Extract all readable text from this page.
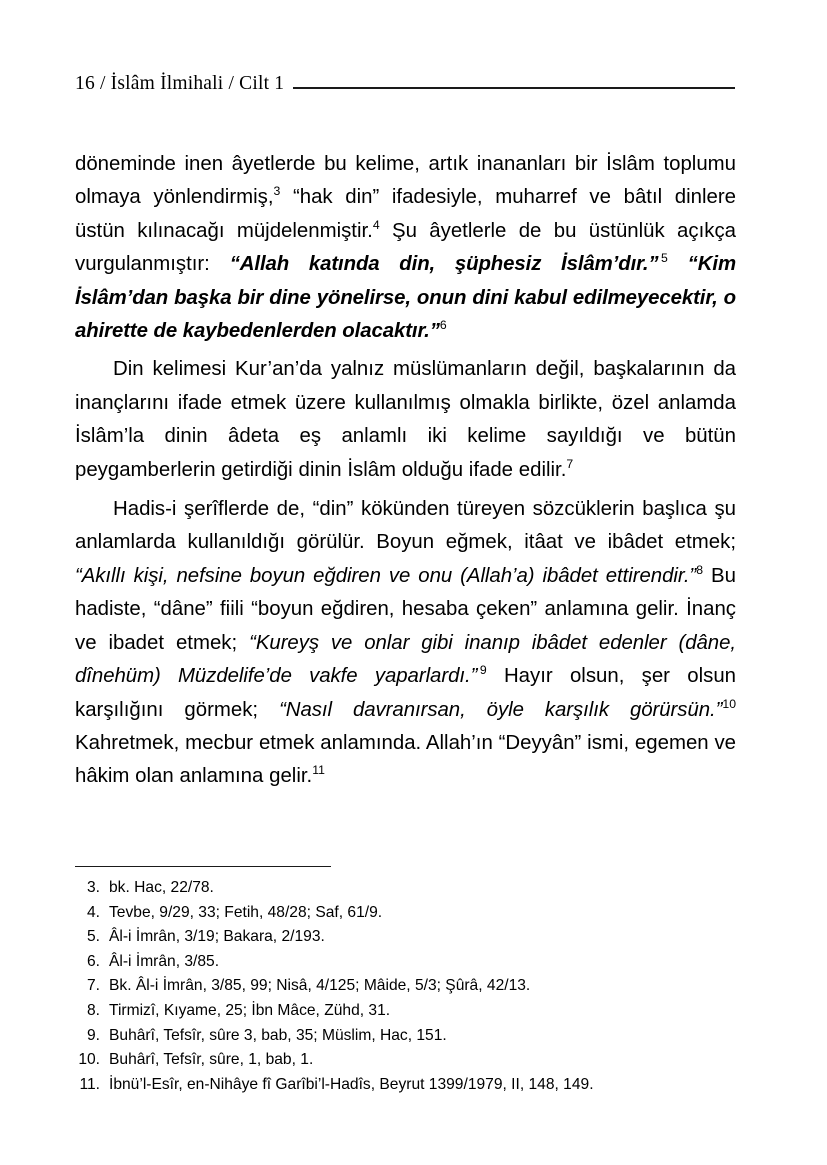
16 / İslâm İlmihali / Cilt 1

döneminde inen âyetlerde bu kelime, artık inananları bir İslâm toplumu olmaya yönlendirmiş,$^3$ “hak din” ifadesiyle, muharref ve bâtıl dinlere üstün kılınacağı müjdelenmiştir.$^4$ Şu âyetlerle de bu üstünlük açıkça vurgulanmıştır: “Allah katında din, şüphesiz İslâm’dır.” $^5$ “Kim İslâm’dan başka bir dine yönelirse, onun dini kabul edilmeyecektir, o ahirette de kaybedenlerden olacaktır.”$^6$

Din kelimesi Kur’an’da yalnız müslümanların değil, başkalarının da inançlarını ifade etmek üzere kullanılmış olmakla birlikte, özel anlamda İslâm’la dinin âdeta eş anlamlı iki kelime sayıldığı ve bütün peygamberlerin getirdiği dinin İslâm olduğu ifade edilir.$^7$

Hadis-i şerîflerde de, “din” kökünden türeyen sözcüklerin başlıca şu anlamlarda kullanıldığı görülür. Boyun eğmek, itâat ve ibâdet etmek; “Akıllı kişi, nefsine boyun eğdiren ve onu (Allah’a) ibâdet ettirendir.”$^8$ Bu hadiste, “dâne” fiili “boyun eğdiren, hesaba çeken” anlamına gelir. İnanç ve ibadet etmek; “Kureyş ve onlar gibi inanıp ibâdet edenler (dâne, dînehüm) Müzdelife’de vakfe yaparlardı.” $^9$ Hayır olsun, şer olsun karşılığını görmek; “Nasıl davranırsan, öyle karşılık görürsün.”$^{10}$ Kahretmek, mecbur etmek anlamında. Allah’ın “Deyyân” ismi, egemen ve hâkim olan anlamına gelir.$^{11}$

3. bk. Hac, 22/78.
4. Tevbe, 9/29, 33; Fetih, 48/28; Saf, 61/9.
5. Âl-i İmrân, 3/19; Bakara, 2/193.
6. Âl-i İmrân, 3/85.
7. Bk. Âl-i İmrân, 3/85, 99; Nisâ, 4/125; Mâide, 5/3; Şûrâ, 42/13.
8. Tirmizî, Kıyame, 25; İbn Mâce, Zühd, 31.
9. Buhârî, Tefsîr, sûre 3, bab, 35; Müslim, Hac, 151.
10. Buhârî, Tefsîr, sûre, 1, bab, 1.
11. İbnü’l-Esîr, en-Nihâye fî Garîbi’l-Hadîs, Beyrut 1399/1979, II, 148, 149.
